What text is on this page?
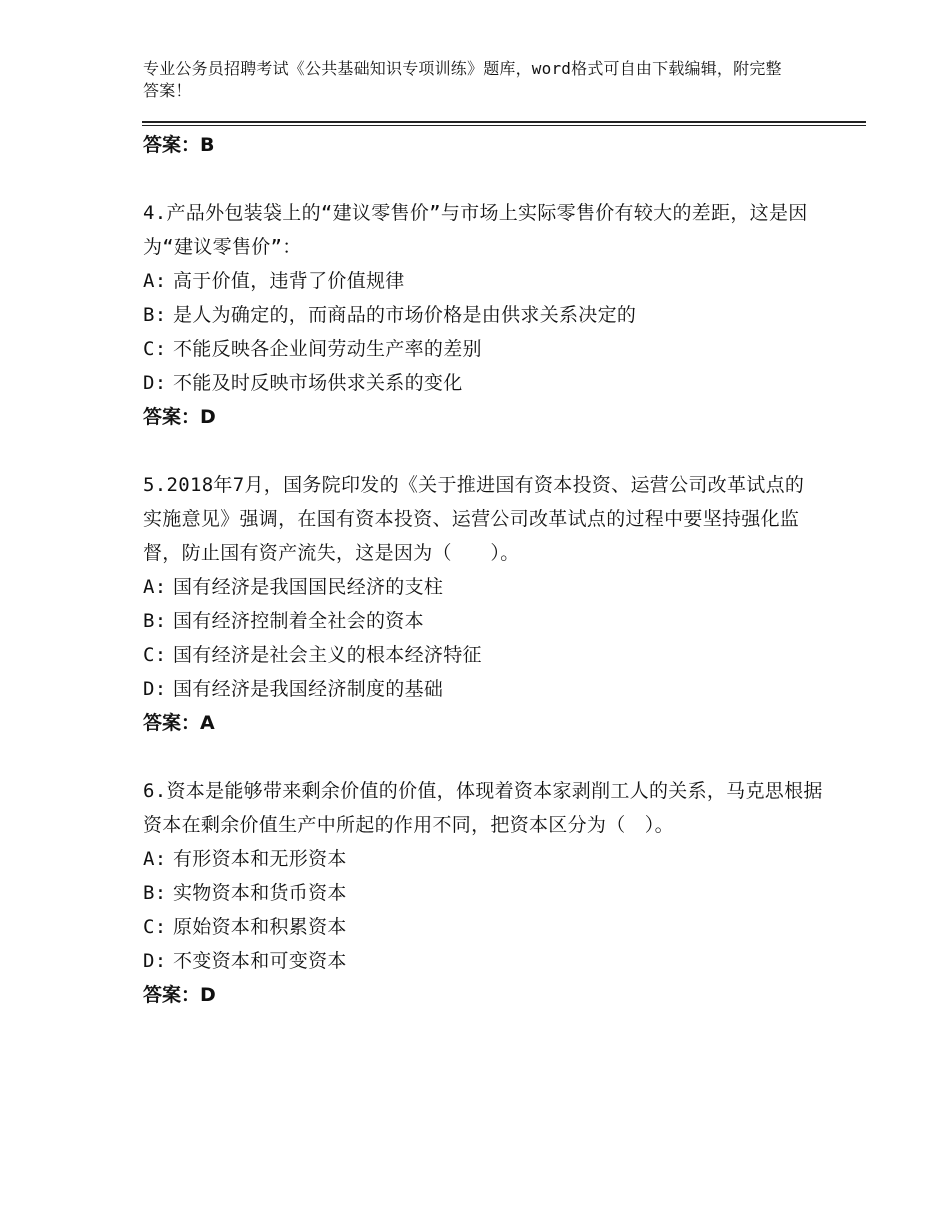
专业公务员招聘考试《公共基础知识专项训练》题库，word格式可自由下载编辑，附完整答案！

答案：B

4.产品外包装袋上的“建议零售价”与市场上实际零售价有较大的差距，这是因为“建议零售价”：

A: 高于价值，违背了价值规律

B: 是人为确定的，而商品的市场价格是由供求关系决定的

C: 不能反映各企业间劳动生产率的差别

D: 不能及时反映市场供求关系的变化

答案：D

5.2018年7月，国务院印发的《关于推进国有资本投资、运营公司改革试点的实施意见》强调，在国有资本投资、运营公司改革试点的过程中要坚持强化监督，防止国有资产流失，这是因为（　　）。

A: 国有经济是我国国民经济的支柱

B: 国有经济控制着全社会的资本

C: 国有经济是社会主义的根本经济特征

D: 国有经济是我国经济制度的基础

答案：A

6.资本是能够带来剩余价值的价值，体现着资本家剥削工人的关系，马克思根据资本在剩余价值生产中所起的作用不同，把资本区分为（　）。

A: 有形资本和无形资本

B: 实物资本和货币资本

C: 原始资本和积累资本

D: 不变资本和可变资本

答案：D
